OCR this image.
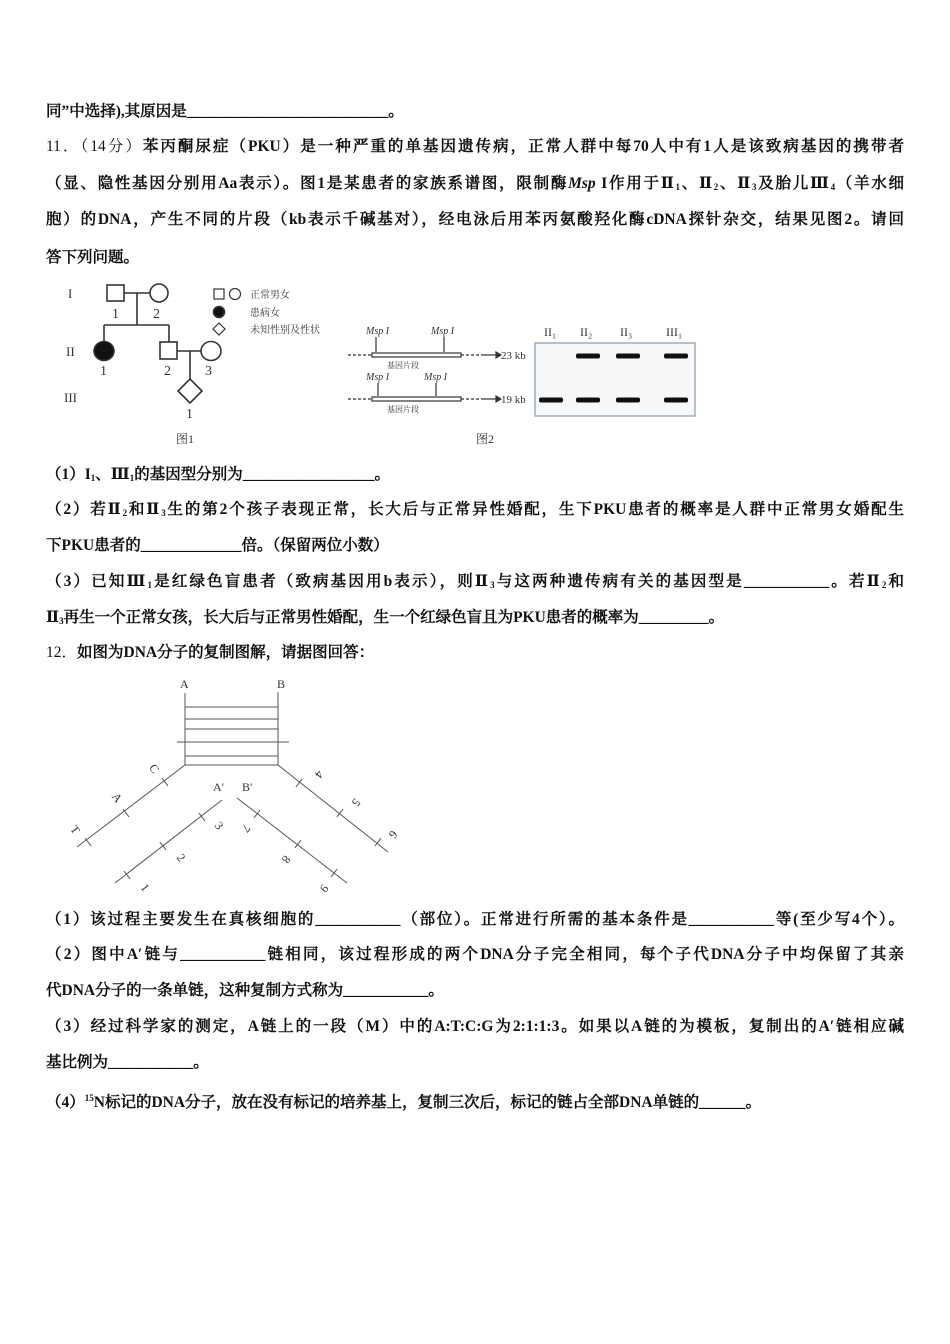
同”中选择),其原因是__________________________。
11．（14分）苯丙酮尿症（PKU）是一种严重的单基因遗传病，正常人群中每70人中有1人是该致病基因的携带者
（显、隐性基因分别用Aa表示）。图1是某患者的家族系谱图，限制酶Msp I作用于$Ⅱ_1$、$Ⅱ_2$、$Ⅱ_3$及胎儿$Ⅲ_4$（羊水细
胞）的DNA，产生不同的片段（kb表示千碱基对），经电泳后用苯丙氨酸羟化酶cDNA探针杂交，结果见图2。请回
答下列问题。
$(1)I_1$、$Ⅲ_1$的基因型分别为_________________。
（2）若$Ⅱ_2$和$Ⅱ_3$生的第2个孩子表现正常，长大后与正常异性婚配，生下PKU患者的概率是人群中正常男女婚配生
下PKU患者的_____________倍。（保留两位小数）
（3）已知$Ⅲ_1$是红绿色盲患者（致病基因用b表示），则$Ⅱ_3$与这两种遗传病有关的基因型是___________。若$Ⅱ_2$和
$Ⅱ_3$再生一个正常女孩，长大后与正常男性婚配，生一个红绿色盲且为PKU患者的概率为_________。
12．如图为DNA分子的复制图解，请据图回答：
（1）该过程主要发生在真核细胞的___________（部位）。正常进行所需的基本条件是___________等(至少写4个）。
（2）图中A′链与___________链相同，该过程形成的两个DNA分子完全相同，每个子代DNA分子中均保留了其亲
代DNA分子的一条单链，这种复制方式称为___________。
（3）经过科学家的测定，A链上的一段（M）中的A:T:C:G为2:1:1:3。如果以A链的为模板，复制出的A′链相应碱
基比例为___________。
$(4)^{15}N$标记的DNA分子，放在没有标记的培养基上，复制三次后，标记的链占全部DNA单链的______。
I
II
III
1 2
1	2 3
1
正常男女
患病女
未知性别及性状
图1
Msp I	Msp I
基因片段
23 kb
Msp I	Msp I
基因片段
19 kb
II₁ II₂ II₃	III₁
图2
A	B
A′ B′
C
A
T	3
2
1
7
8
9
4
5
6
